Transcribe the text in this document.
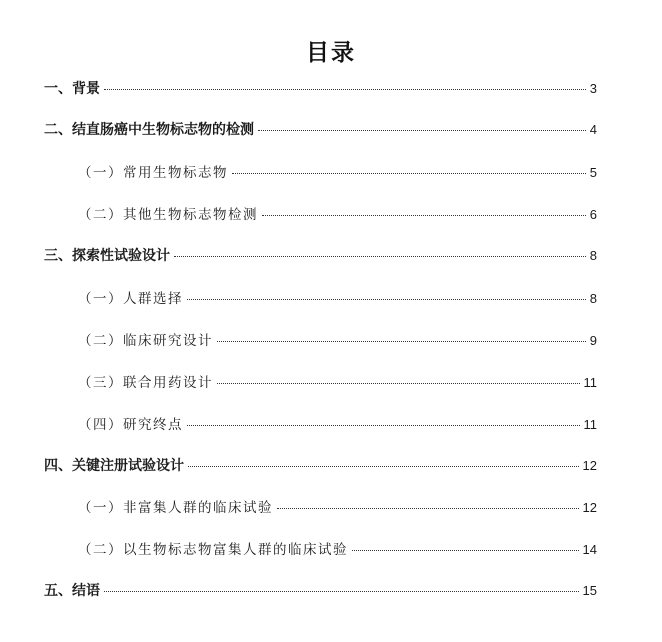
目录
一、背景	3
二、结直肠癌中生物标志物的检测	4
（一）常用生物标志物	5
（二）其他生物标志物检测	6
三、探索性试验设计	8
（一）人群选择	8
（二）临床研究设计	9
（三）联合用药设计	11
（四）研究终点	11
四、关键注册试验设计	12
（一）非富集人群的临床试验	12
（二）以生物标志物富集人群的临床试验	14
五、结语	15
